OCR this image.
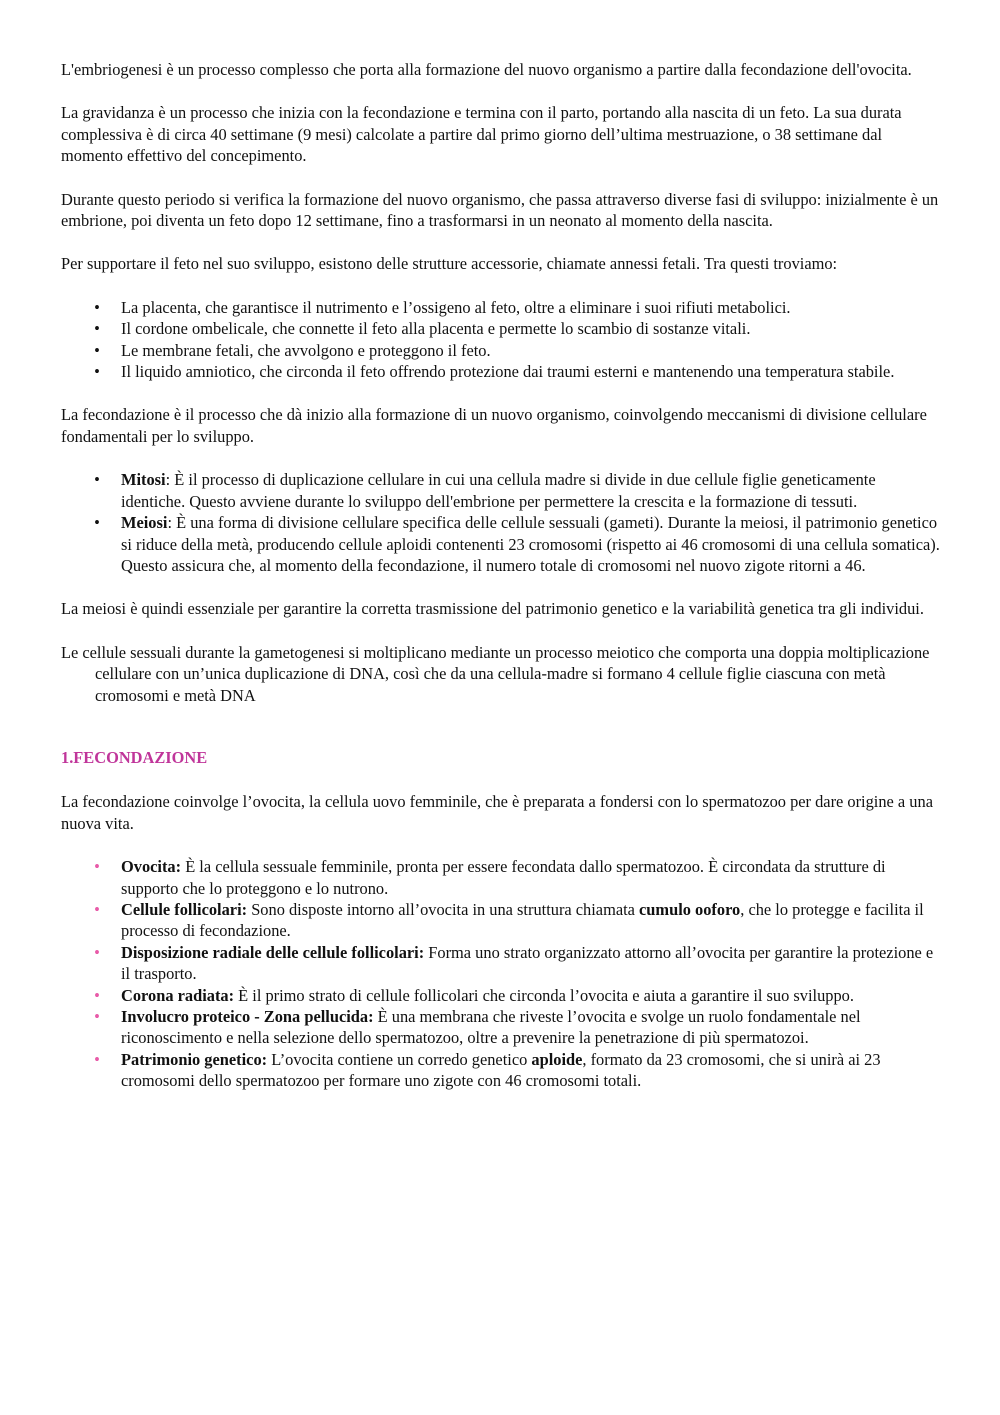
L'embriogenesi è un processo complesso che porta alla formazione del nuovo organismo a partire dalla fecondazione dell'ovocita.

La gravidanza è un processo che inizia con la fecondazione e termina con il parto, portando alla nascita di un feto. La sua durata complessiva è di circa 40 settimane (9 mesi) calcolate a partire dal primo giorno dell’ultima mestruazione, o 38 settimane dal momento effettivo del concepimento.

Durante questo periodo si verifica la formazione del nuovo organismo, che passa attraverso diverse fasi di sviluppo: inizialmente è un embrione, poi diventa un feto dopo 12 settimane, fino a trasformarsi in un neonato al momento della nascita.

Per supportare il feto nel suo sviluppo, esistono delle strutture accessorie, chiamate annessi fetali. Tra questi troviamo:

• La placenta, che garantisce il nutrimento e l’ossigeno al feto, oltre a eliminare i suoi rifiuti metabolici.
• Il cordone ombelicale, che connette il feto alla placenta e permette lo scambio di sostanze vitali.
• Le membrane fetali, che avvolgono e proteggono il feto.
• Il liquido amniotico, che circonda il feto offrendo protezione dai traumi esterni e mantenendo una temperatura stabile.

La fecondazione è il processo che dà inizio alla formazione di un nuovo organismo, coinvolgendo meccanismi di divisione cellulare fondamentali per lo sviluppo.

• Mitosi: È il processo di duplicazione cellulare in cui una cellula madre si divide in due cellule figlie geneticamente identiche. Questo avviene durante lo sviluppo dell'embrione per permettere la crescita e la formazione di tessuti.
• Meiosi: È una forma di divisione cellulare specifica delle cellule sessuali (gameti). Durante la meiosi, il patrimonio genetico si riduce della metà, producendo cellule aploidi contenenti 23 cromosomi (rispetto ai 46 cromosomi di una cellula somatica). Questo assicura che, al momento della fecondazione, il numero totale di cromosomi nel nuovo zigote ritorni a 46.

La meiosi è quindi essenziale per garantire la corretta trasmissione del patrimonio genetico e la variabilità genetica tra gli individui.

Le cellule sessuali durante la gametogenesi si moltiplicano mediante un processo meiotico che comporta una doppia moltiplicazione cellulare con un’unica duplicazione di DNA, così che da una cellula-madre si formano 4 cellule figlie ciascuna con metà cromosomi e metà DNA

1.FECONDAZIONE

La fecondazione coinvolge l’ovocita, la cellula uovo femminile, che è preparata a fondersi con lo spermatozoo per dare origine a una nuova vita.

• Ovocita: È la cellula sessuale femminile, pronta per essere fecondata dallo spermatozoo. È circondata da strutture di supporto che lo proteggono e lo nutrono.
• Cellule follicolari: Sono disposte intorno all’ovocita in una struttura chiamata cumulo ooforo, che lo protegge e facilita il processo di fecondazione.
• Disposizione radiale delle cellule follicolari: Forma uno strato organizzato attorno all’ovocita per garantire la protezione e il trasporto.
• Corona radiata: È il primo strato di cellule follicolari che circonda l’ovocita e aiuta a garantire il suo sviluppo.
• Involucro proteico - Zona pellucida: È una membrana che riveste l’ovocita e svolge un ruolo fondamentale nel riconoscimento e nella selezione dello spermatozoo, oltre a prevenire la penetrazione di più spermatozoi.
• Patrimonio genetico: L’ovocita contiene un corredo genetico aploide, formato da 23 cromosomi, che si unirà ai 23 cromosomi dello spermatozoo per formare uno zigote con 46 cromosomi totali.
